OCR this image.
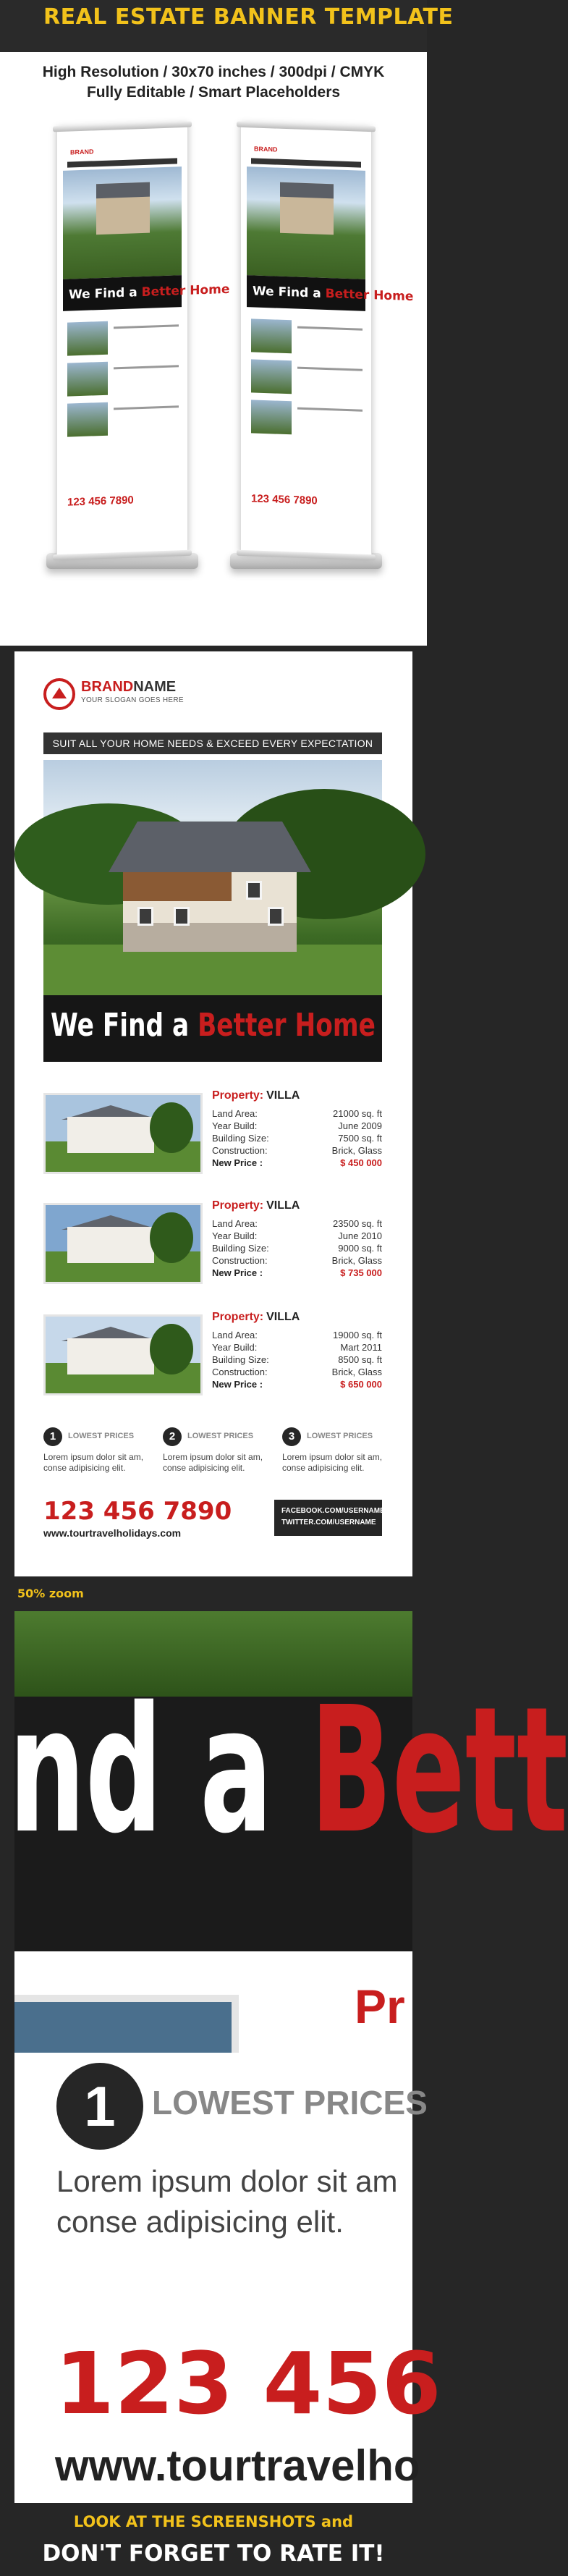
REAL ESTATE BANNER TEMPLATE
High Resolution / 30x70 inches / 300dpi / CMYK
Fully Editable / Smart Placeholders
BRAND
We Find a Better Home
123 456 7890
BRAND
We Find a Better Home
123 456 7890
BRANDNAME
YOUR SLOGAN GOES HERE
SUIT ALL YOUR HOME NEEDS & EXCEED EVERY EXPECTATION
We Find a Better Home
Property: VILLA
Land Area:	21000 sq. ft
Year Build:	June 2009
Building Size:	7500 sq. ft
Construction:	Brick, Glass
New Price :	$ 450 000
Property: VILLA
Land Area:	23500 sq. ft
Year Build:	June 2010
Building Size:	9000 sq. ft
Construction:	Brick, Glass
New Price :	$ 735 000
Property: VILLA
Land Area:	19000 sq. ft
Year Build:	Mart 2011
Building Size:	8500 sq. ft
Construction:	Brick, Glass
New Price :	$ 650 000
1	LOWEST PRICES
Lorem ipsum dolor sit am, conse adipisicing elit.
2	LOWEST PRICES
Lorem ipsum dolor sit am, conse adipisicing elit.
3	LOWEST PRICES
Lorem ipsum dolor sit am, conse adipisicing elit.
123 456 7890
www.tourtravelholidays.com
FACEBOOK.COM/USERNAME
TWITTER.COM/USERNAME
50% zoom
nd a Bett
Pr
1	LOWEST PRICES
Lorem ipsum dolor sit am
conse adipisicing elit.
123 456
www.tourtravelho
LOOK AT THE SCREENSHOTS and
DON'T FORGET TO RATE IT!
